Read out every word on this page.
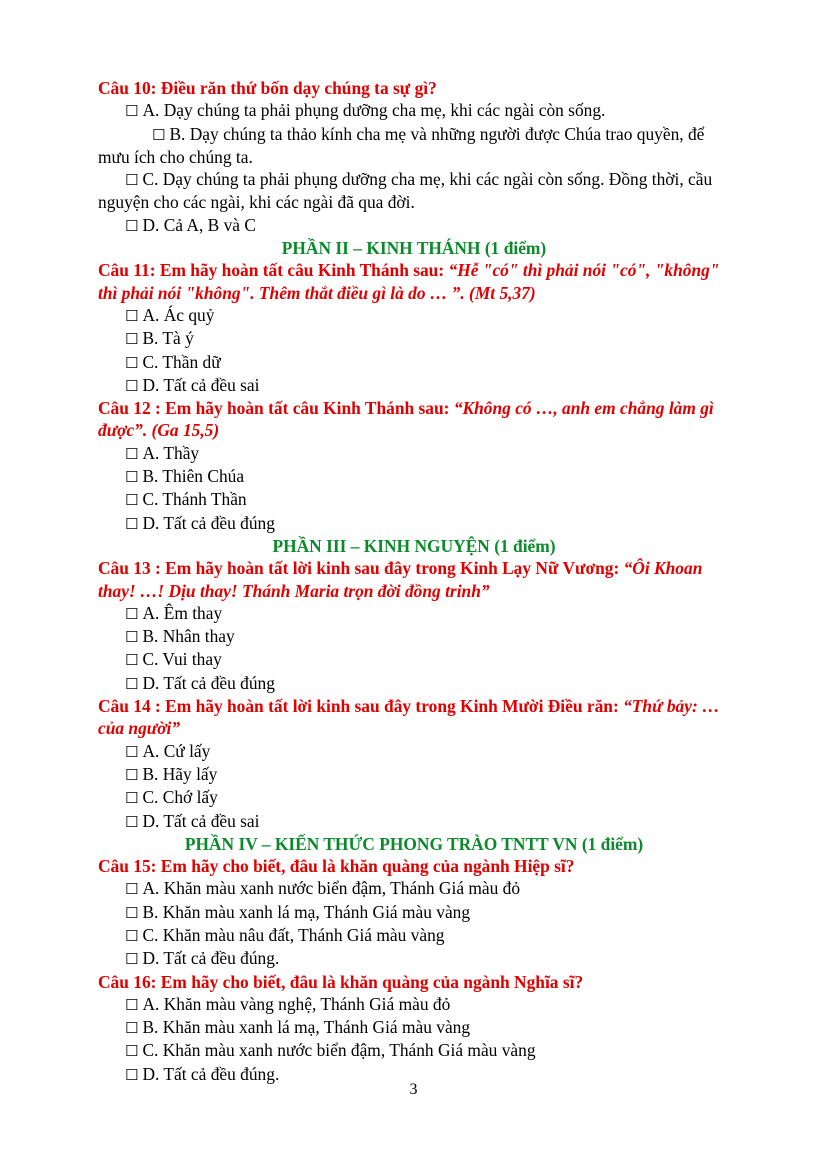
Câu 10: Điều răn thứ bốn dạy chúng ta sự gì?

☐ A. Dạy chúng ta phải phụng dưỡng cha mẹ, khi các ngài còn sống.

☐ B. Dạy chúng ta thảo kính cha mẹ và những người được Chúa trao quyền, để mưu ích cho chúng ta.

☐ C. Dạy chúng ta phải phụng dưỡng cha mẹ, khi các ngài còn sống. Đồng thời, cầu nguyện cho các ngài, khi các ngài đã qua đời.

☐ D. Cả A, B và C

PHẦN II – KINH THÁNH (1 điểm)

Câu 11: Em hãy hoàn tất câu Kinh Thánh sau: “Hễ "có" thì phải nói "có", "không" thì phải nói "không". Thêm thắt điều gì là do … ”. (Mt 5,37)

☐ A. Ác quỷ

☐ B. Tà ý

☐ C. Thần dữ

☐ D. Tất cả đều sai

Câu 12 : Em hãy hoàn tất câu Kinh Thánh sau: “Không có …, anh em chẳng làm gì được”. (Ga 15,5)

☐ A. Thầy

☐ B. Thiên Chúa

☐ C. Thánh Thần

☐ D. Tất cả đều đúng

PHẦN III – KINH NGUYỆN (1 điểm)

Câu 13 : Em hãy hoàn tất lời kinh sau đây trong Kinh Lạy Nữ Vương: “Ôi Khoan thay! …! Dịu thay! Thánh Maria trọn đời đồng trinh”

☐ A. Êm thay

☐ B. Nhân thay

☐ C. Vui thay

☐ D. Tất cả đều đúng

Câu 14 : Em hãy hoàn tất lời kinh sau đây trong Kinh Mười Điều răn: “Thứ bảy: … của người”

☐ A. Cứ lấy

☐ B. Hãy lấy

☐ C. Chớ lấy

☐ D. Tất cả đều sai

PHẦN IV – KIẾN THỨC PHONG TRÀO TNTT VN (1 điểm)

Câu 15: Em hãy cho biết, đâu là khăn quàng của ngành Hiệp sĩ?

☐ A. Khăn màu xanh nước biển đậm, Thánh Giá màu đỏ

☐ B. Khăn màu xanh lá mạ, Thánh Giá màu vàng

☐ C. Khăn màu nâu đất, Thánh Giá màu vàng

☐ D. Tất cả đều đúng.

Câu 16: Em hãy cho biết, đâu là khăn quàng của ngành Nghĩa sĩ?

☐ A. Khăn màu vàng nghệ, Thánh Giá màu đỏ

☐ B. Khăn màu xanh lá mạ, Thánh Giá màu vàng

☐ C. Khăn màu xanh nước biển đậm, Thánh Giá màu vàng

☐ D. Tất cả đều đúng.

3
